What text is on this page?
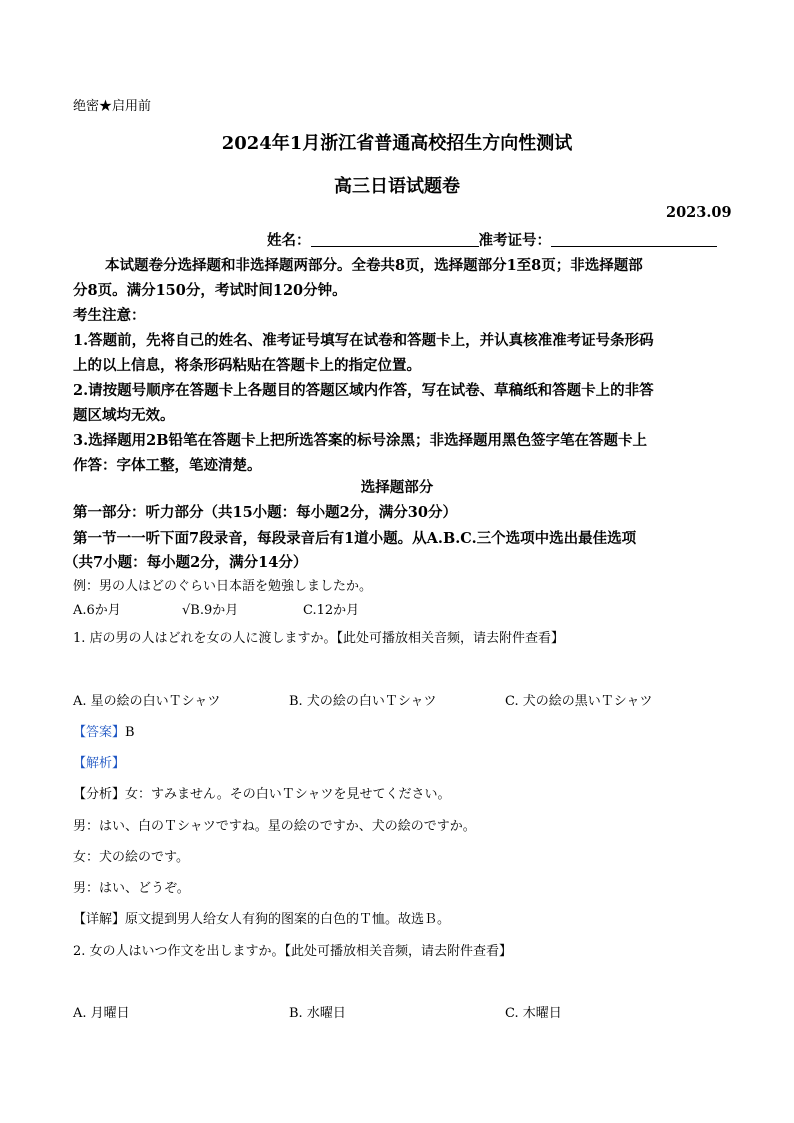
绝密★启用前
2024年1月浙江省普通高校招生方向性测试
高三日语试题卷
2023.09
姓名：	准考证号：
本试题卷分选择题和非选择题两部分。全卷共8页，选择题部分1至8页；非选择题部
分8页。满分150分，考试时间120分钟。
考生注意：
1.答题前，先将自己的姓名、准考证号填写在试卷和答题卡上，并认真核准准考证号条形码
上的以上信息，将条形码粘贴在答题卡上的指定位置。
2.请按题号顺序在答题卡上各题目的答题区域内作答，写在试卷、草稿纸和答题卡上的非答
题区域均无效。
3.选择题用2B铅笔在答题卡上把所选答案的标号涂黑；非选择题用黑色签字笔在答题卡上
作答：字体工整，笔迹清楚。
选择题部分
第一部分：听力部分（共15小题：每小题2分，满分30分）
第一节一一听下面7段录音，每段录音后有1道小题。从A.B.C.三个选项中选出最佳选项
（共7小题：每小题2分，满分14分）
例：男の人はどのぐらい日本語を勉強しましたか。
A.6か月	√B.9か月	C.12か月
1. 店の男の人はどれを女の人に渡しますか。【此处可播放相关音频，请去附件查看】
A. 星の絵の白いＴシャツ	B. 犬の絵の白いＴシャツ	C. 犬の絵の黒いＴシャツ
【答案】B
【解析】
【分析】女：すみません。その白いＴシャツを見せてください。
男：はい、白のＴシャツですね。星の絵のですか、犬の絵のですか。
女：犬の絵のです。
男：はい、どうぞ。
【详解】原文提到男人给女人有狗的图案的白色的Ｔ恤。故选Ｂ。
2. 女の人はいつ作文を出しますか。【此处可播放相关音频，请去附件查看】
A. 月曜日	B. 水曜日	C. 木曜日
